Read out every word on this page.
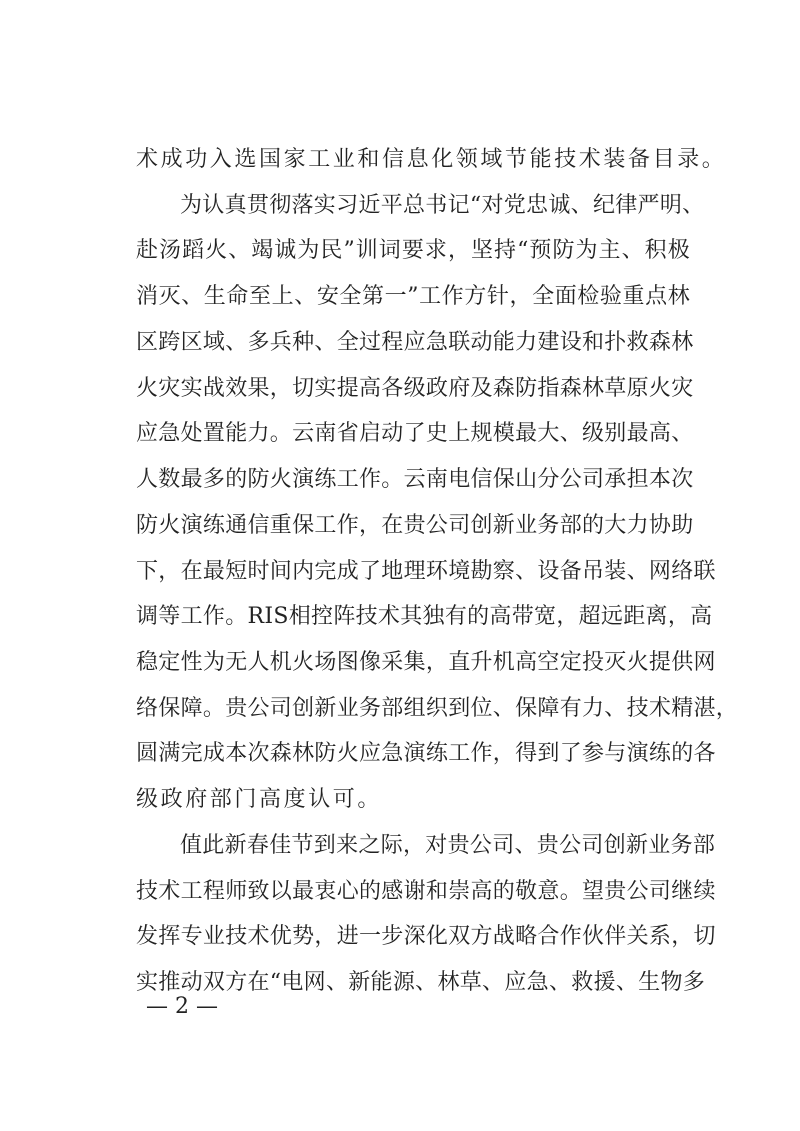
术成功入选国家工业和信息化领域节能技术装备目录。
为认真贯彻落实习近平总书记“对党忠诚、纪律严明、
赴汤蹈火、竭诚为民”训词要求，坚持“预防为主、积极
消灭、生命至上、安全第一”工作方针，全面检验重点林
区跨区域、多兵种、全过程应急联动能力建设和扑救森林
火灾实战效果，切实提高各级政府及森防指森林草原火灾
应急处置能力。云南省启动了史上规模最大、级别最高、
人数最多的防火演练工作。云南电信保山分公司承担本次
防火演练通信重保工作，在贵公司创新业务部的大力协助
下，在最短时间内完成了地理环境勘察、设备吊装、网络联
调等工作。RIS相控阵技术其独有的高带宽，超远距离，高
稳定性为无人机火场图像采集，直升机高空定投灭火提供网
络保障。贵公司创新业务部组织到位、保障有力、技术精湛，
圆满完成本次森林防火应急演练工作，得到了参与演练的各
级政府部门高度认可。
值此新春佳节到来之际，对贵公司、贵公司创新业务部
技术工程师致以最衷心的感谢和崇高的敬意。望贵公司继续
发挥专业技术优势，进一步深化双方战略合作伙伴关系，切
实推动双方在“电网、新能源、林草、应急、救援、生物多
— 2 —
